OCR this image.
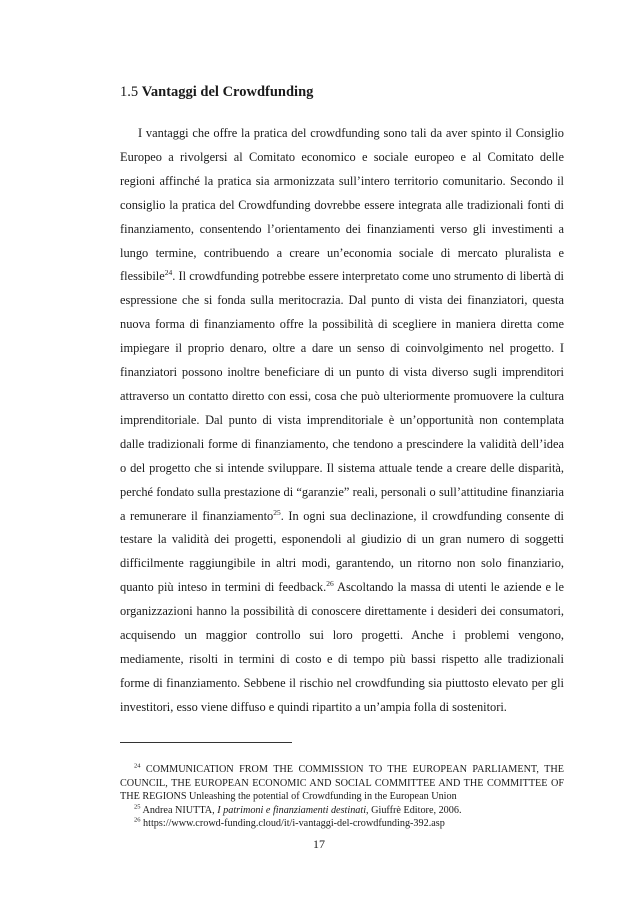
1.5 Vantaggi del Crowdfunding

I vantaggi che offre la pratica del crowdfunding sono tali da aver spinto il Consiglio Europeo a rivolgersi al Comitato economico e sociale europeo e al Comitato delle regioni affinché la pratica sia armonizzata sull’intero territorio comunitario. Secondo il consiglio la pratica del Crowdfunding dovrebbe essere integrata alle tradizionali fonti di finanziamento, consentendo l’orientamento dei finanziamenti verso gli investimenti a lungo termine, contribuendo a creare un’economia sociale di mercato pluralista e flessibile$^{24}$. Il crowdfunding potrebbe essere interpretato come uno strumento di libertà di espressione che si fonda sulla meritocrazia. Dal punto di vista dei finanziatori, questa nuova forma di finanziamento offre la possibilità di scegliere in maniera diretta come impiegare il proprio denaro, oltre a dare un senso di coinvolgimento nel progetto. I finanziatori possono inoltre beneficiare di un punto di vista diverso sugli imprenditori attraverso un contatto diretto con essi, cosa che può ulteriormente promuovere la cultura imprenditoriale. Dal punto di vista imprenditoriale è un’opportunità non contemplata dalle tradizionali forme di finanziamento, che tendono a prescindere la validità dell’idea o del progetto che si intende sviluppare. Il sistema attuale tende a creare delle disparità, perché fondato sulla prestazione di “garanzie” reali, personali o sull’attitudine finanziaria a remunerare il finanziamento$^{25}$. In ogni sua declinazione, il crowdfunding consente di testare la validità dei progetti, esponendoli al giudizio di un gran numero di soggetti difficilmente raggiungibile in altri modi, garantendo, un ritorno non solo finanziario, quanto più inteso in termini di feedback.$^{26}$ Ascoltando la massa di utenti le aziende e le organizzazioni hanno la possibilità di conoscere direttamente i desideri dei consumatori, acquisendo un maggior controllo sui loro progetti. Anche i problemi vengono, mediamente, risolti in termini di costo e di tempo più bassi rispetto alle tradizionali forme di finanziamento. Sebbene il rischio nel crowdfunding sia piuttosto elevato per gli investitori, esso viene diffuso e quindi ripartito a un’ampia folla di sostenitori.

$^{24}$ COMMUNICATION FROM THE COMMISSION TO THE EUROPEAN PARLIAMENT, THE COUNCIL, THE EUROPEAN ECONOMIC AND SOCIAL COMMITTEE AND THE COMMITTEE OF THE REGIONS Unleashing the potential of Crowdfunding in the European Union

$^{25}$ Andrea NIUTTA, I patrimoni e finanziamenti destinati, Giuffrè Editore, 2006.

$^{26}$ https://www.crowd-funding.cloud/it/i-vantaggi-del-crowdfunding-392.asp

17
